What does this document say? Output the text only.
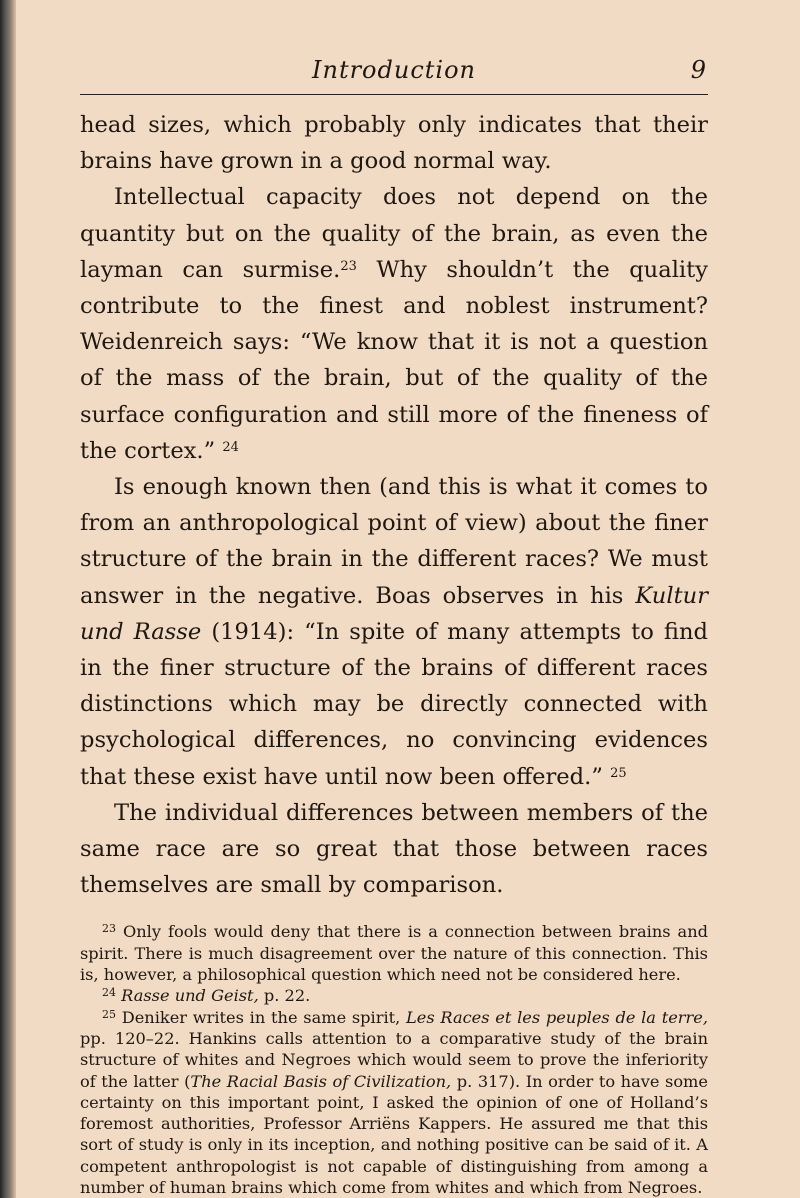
Introduction	9

head sizes, which probably only indicates that their brains have grown in a good normal way.

Intellectual capacity does not depend on the quantity but on the quality of the brain, as even the layman can surmise.$^{23}$ Why shouldn’t the quality contribute to the finest and noblest instrument? Weidenreich says: “We know that it is not a question of the mass of the brain, but of the quality of the surface configuration and still more of the fineness of the cortex.” $^{24}$

Is enough known then (and this is what it comes to from an anthropological point of view) about the finer structure of the brain in the different races? We must answer in the negative. Boas observes in his Kultur und Rasse (1914): “In spite of many attempts to find in the finer structure of the brains of different races distinctions which may be directly connected with psychological differences, no convincing evidences that these exist have until now been offered.” $^{25}$

The individual differences between members of the same race are so great that those between races themselves are small by comparison.

$^{23}$ Only fools would deny that there is a connection between brains and spirit. There is much disagreement over the nature of this connection. This is, however, a philosophical question which need not be considered here.

$^{24}$ Rasse und Geist, p. 22.

$^{25}$ Deniker writes in the same spirit, Les Races et les peuples de la terre, pp. 120–22. Hankins calls attention to a comparative study of the brain structure of whites and Negroes which would seem to prove the inferiority of the latter (The Racial Basis of Civilization, p. 317). In order to have some certainty on this important point, I asked the opinion of one of Holland’s foremost authorities, Professor Arriëns Kappers. He assured me that this sort of study is only in its inception, and nothing positive can be said of it. A competent anthropologist is not capable of distinguishing from among a number of human brains which come from whites and which from Negroes.
